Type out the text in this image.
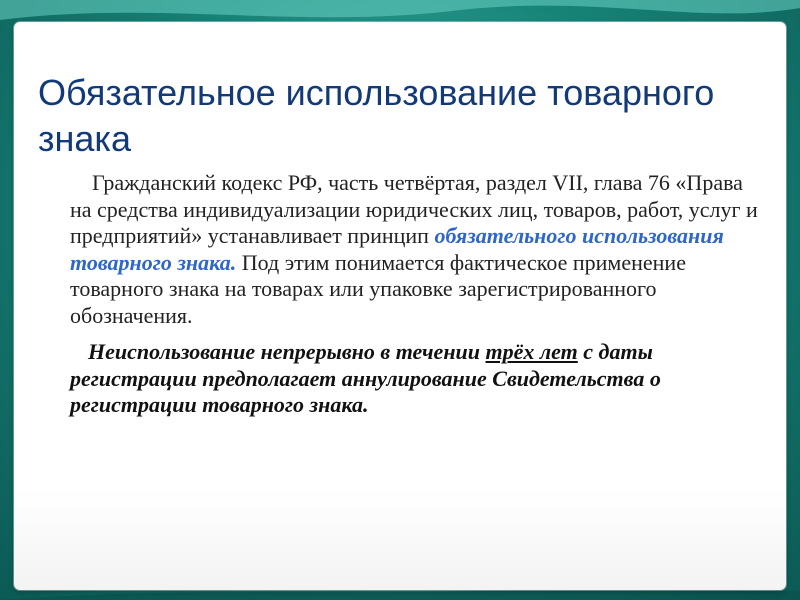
Обязательное использование товарного знака

Гражданский кодекс РФ, часть четвёртая, раздел VII, глава 76 «Права на средства индивидуализации юридических лиц, товаров, работ, услуг и предприятий» устанавливает принцип обязательного использования товарного знака. Под этим понимается фактическое применение товарного знака на товарах или упаковке зарегистрированного обозначения.

Неиспользование непрерывно в течении трёх лет с даты регистрации предполагает аннулирование Свидетельства о регистрации товарного знака.
